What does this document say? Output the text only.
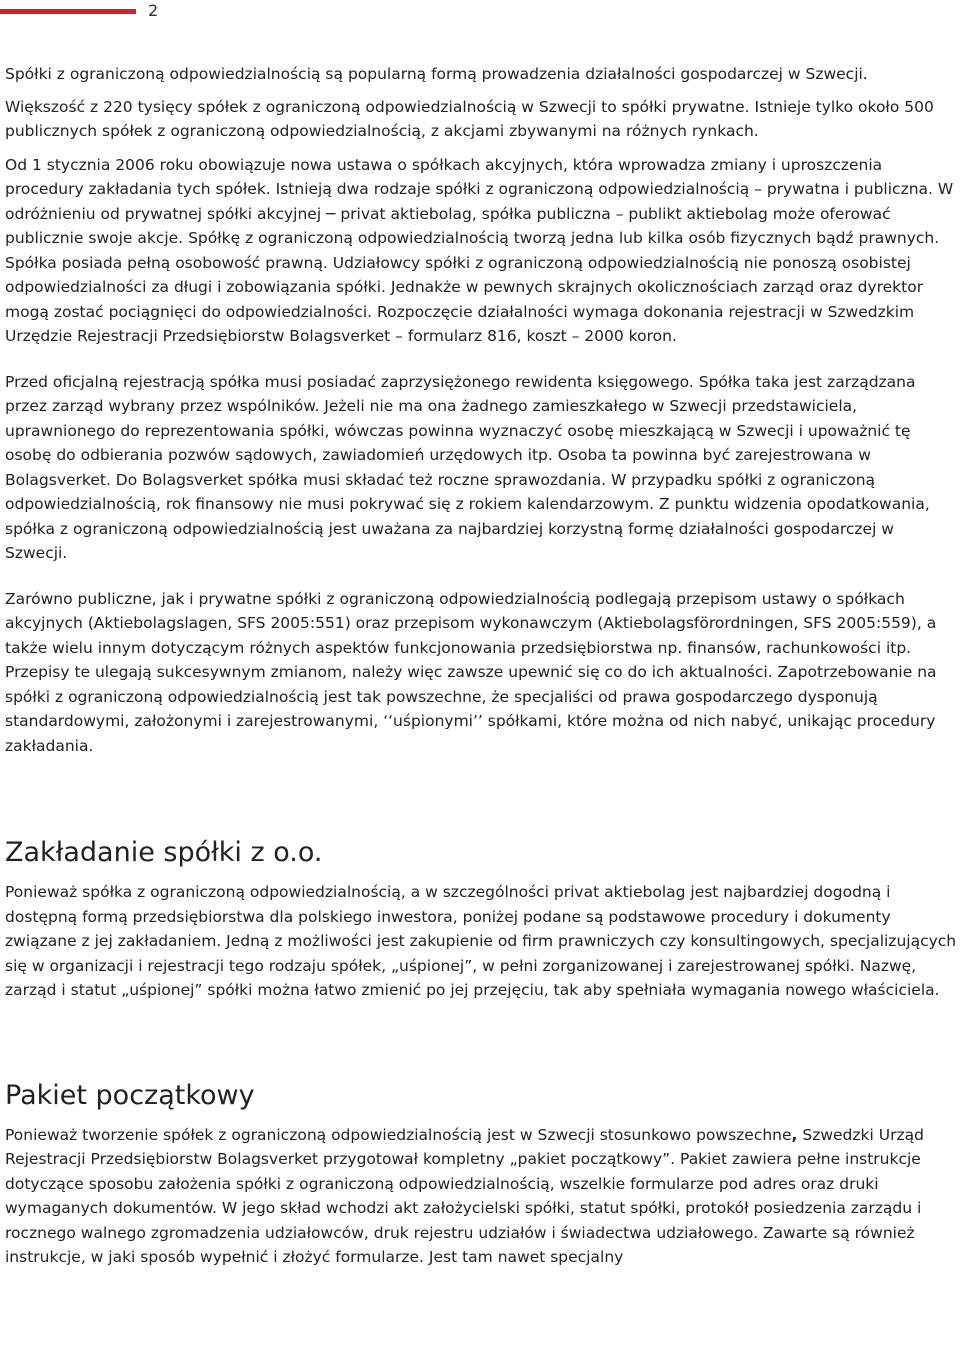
2

Spółki z ograniczoną odpowiedzialnością są popularną formą prowadzenia działalności gospodarczej w Szwecji.

Większość z 220 tysięcy spółek z ograniczoną odpowiedzialnością w Szwecji to spółki prywatne. Istnieje tylko około 500 publicznych spółek z ograniczoną odpowiedzialnością, z akcjami zbywanymi na różnych rynkach.

Od 1 stycznia 2006 roku obowiązuje nowa ustawa o spółkach akcyjnych, która wprowadza zmiany i uproszczenia procedury zakładania tych spółek. Istnieją dwa rodzaje spółki z ograniczoną odpowiedzialnością – prywatna i publiczna. W odróżnieniu od prywatnej spółki akcyjnej ─ privat aktiebolag, spółka publiczna – publikt aktiebolag może oferować publicznie swoje akcje. Spółkę z ograniczoną odpowiedzialnością tworzą jedna lub kilka osób fizycznych bądź prawnych. Spółka posiada pełną osobowość prawną. Udziałowcy spółki z ograniczoną odpowiedzialnością nie ponoszą osobistej odpowiedzialności za długi i zobowiązania spółki. Jednakże w pewnych skrajnych okolicznościach zarząd oraz dyrektor mogą zostać pociągnięci do odpowiedzialności. Rozpoczęcie działalności wymaga dokonania rejestracji w Szwedzkim Urzędzie Rejestracji Przedsiębiorstw Bolagsverket – formularz 816, koszt – 2000 koron.

Przed oficjalną rejestracją spółka musi posiadać zaprzysiężonego rewidenta księgowego. Spółka taka jest zarządzana przez zarząd wybrany przez wspólników. Jeżeli nie ma ona żadnego zamieszkałego w Szwecji przedstawiciela, uprawnionego do reprezentowania spółki, wówczas powinna wyznaczyć osobę mieszkającą w Szwecji i upoważnić tę osobę do odbierania pozwów sądowych, zawiadomień urzędowych itp. Osoba ta powinna być zarejestrowana w Bolagsverket. Do Bolagsverket spółka musi składać też roczne sprawozdania. W przypadku spółki z ograniczoną odpowiedzialnością, rok finansowy nie musi pokrywać się z rokiem kalendarzowym. Z punktu widzenia opodatkowania, spółka z ograniczoną odpowiedzialnością jest uważana za najbardziej korzystną formę działalności gospodarczej w Szwecji.

Zarówno publiczne, jak i prywatne spółki z ograniczoną odpowiedzialnością podlegają przepisom ustawy o spółkach akcyjnych (Aktiebolagslagen, SFS 2005:551) oraz przepisom wykonawczym (Aktiebolagsförordningen, SFS 2005:559), a także wielu innym dotyczącym różnych aspektów funkcjonowania przedsiębiorstwa np. finansów, rachunkowości itp. Przepisy te ulegają sukcesywnym zmianom, należy więc zawsze upewnić się co do ich aktualności. Zapotrzebowanie na spółki z ograniczoną odpowiedzialnością jest tak powszechne, że specjaliści od prawa gospodarczego dysponują standardowymi, założonymi i zarejestrowanymi, ‘‘uśpionymi’’ spółkami, które można od nich nabyć, unikając procedury zakładania.

Zakładanie spółki z o.o.

Ponieważ spółka z ograniczoną odpowiedzialnością, a w szczególności privat aktiebolag jest najbardziej dogodną i dostępną formą przedsiębiorstwa dla polskiego inwestora, poniżej podane są podstawowe procedury i dokumenty związane z jej zakładaniem. Jedną z możliwości jest zakupienie od firm prawniczych czy konsultingowych, specjalizujących się w organizacji i rejestracji tego rodzaju spółek, „uśpionej”, w pełni zorganizowanej i zarejestrowanej spółki. Nazwę, zarząd i statut „uśpionej” spółki można łatwo zmienić po jej przejęciu, tak aby spełniała wymagania nowego właściciela.

Pakiet początkowy

Ponieważ tworzenie spółek z ograniczoną odpowiedzialnością jest w Szwecji stosunkowo powszechne, Szwedzki Urząd Rejestracji Przedsiębiorstw Bolagsverket przygotował kompletny „pakiet początkowy”. Pakiet zawiera pełne instrukcje dotyczące sposobu założenia spółki z ograniczoną odpowiedzialnością, wszelkie formularze pod adres oraz druki wymaganych dokumentów. W jego skład wchodzi akt założycielski spółki, statut spółki, protokół posiedzenia zarządu i rocznego walnego zgromadzenia udziałowców, druk rejestru udziałów i świadectwa udziałowego. Zawarte są również instrukcje, w jaki sposób wypełnić i złożyć formularze. Jest tam nawet specjalny
